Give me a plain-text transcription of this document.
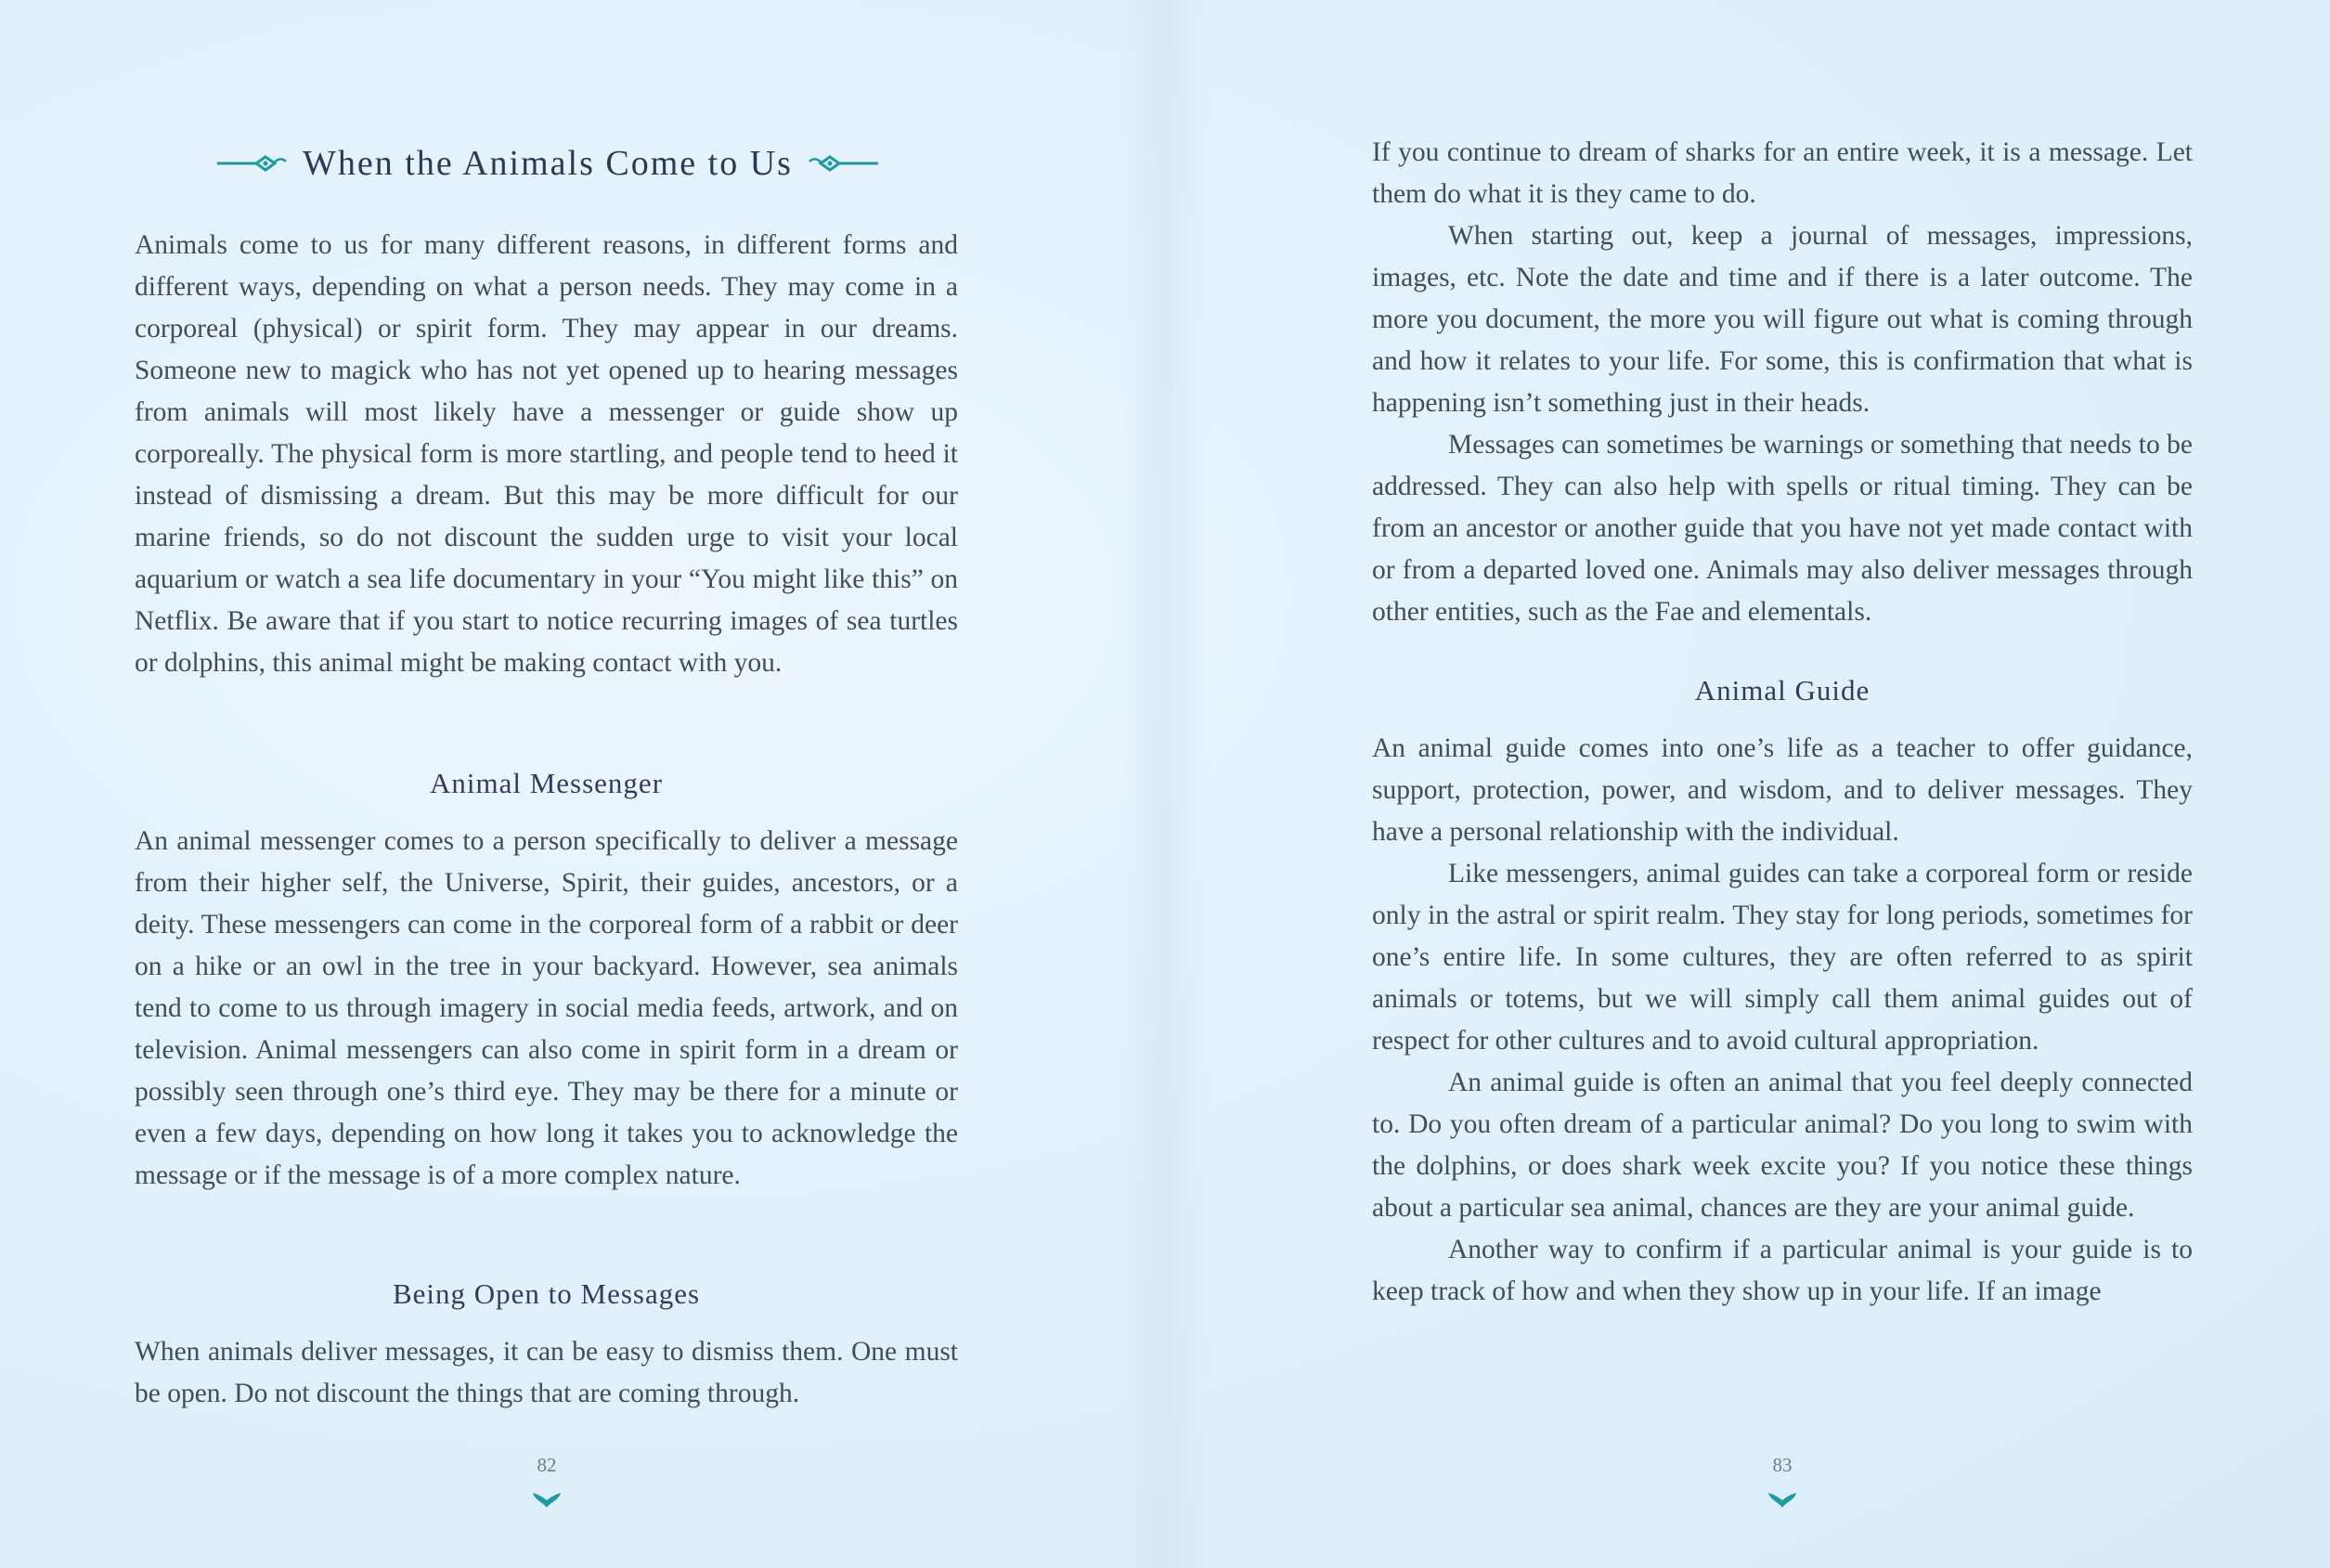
When the Animals Come to Us

Animals come to us for many different reasons, in different forms and different ways, depending on what a person needs. They may come in a corporeal (physical) or spirit form. They may appear in our dreams. Someone new to magick who has not yet opened up to hearing messages from animals will most likely have a messenger or guide show up corporeally. The physical form is more startling, and people tend to heed it instead of dismissing a dream. But this may be more difficult for our marine friends, so do not discount the sudden urge to visit your local aquarium or watch a sea life documentary in your “You might like this” on Netflix. Be aware that if you start to notice recurring images of sea turtles or dolphins, this animal might be making contact with you.

Animal Messenger

An animal messenger comes to a person specifically to deliver a message from their higher self, the Universe, Spirit, their guides, ancestors, or a deity. These messengers can come in the corporeal form of a rabbit or deer on a hike or an owl in the tree in your backyard. However, sea animals tend to come to us through imagery in social media feeds, artwork, and on television. Animal messengers can also come in spirit form in a dream or possibly seen through one’s third eye. They may be there for a minute or even a few days, depending on how long it takes you to acknowledge the message or if the message is of a more complex nature.

Being Open to Messages

When animals deliver messages, it can be easy to dismiss them. One must be open. Do not discount the things that are coming through.

82

If you continue to dream of sharks for an entire week, it is a message. Let them do what it is they came to do.

When starting out, keep a journal of messages, impressions, images, etc. Note the date and time and if there is a later outcome. The more you document, the more you will figure out what is coming through and how it relates to your life. For some, this is confirmation that what is happening isn’t something just in their heads.

Messages can sometimes be warnings or something that needs to be addressed. They can also help with spells or ritual timing. They can be from an ancestor or another guide that you have not yet made contact with or from a departed loved one. Animals may also deliver messages through other entities, such as the Fae and elementals.

Animal Guide

An animal guide comes into one’s life as a teacher to offer guidance, support, protection, power, and wisdom, and to deliver messages. They have a personal relationship with the individual.

Like messengers, animal guides can take a corporeal form or reside only in the astral or spirit realm. They stay for long periods, sometimes for one’s entire life. In some cultures, they are often referred to as spirit animals or totems, but we will simply call them animal guides out of respect for other cultures and to avoid cultural appropriation.

An animal guide is often an animal that you feel deeply connected to. Do you often dream of a particular animal? Do you long to swim with the dolphins, or does shark week excite you? If you notice these things about a particular sea animal, chances are they are your animal guide.

Another way to confirm if a particular animal is your guide is to keep track of how and when they show up in your life. If an image

83
